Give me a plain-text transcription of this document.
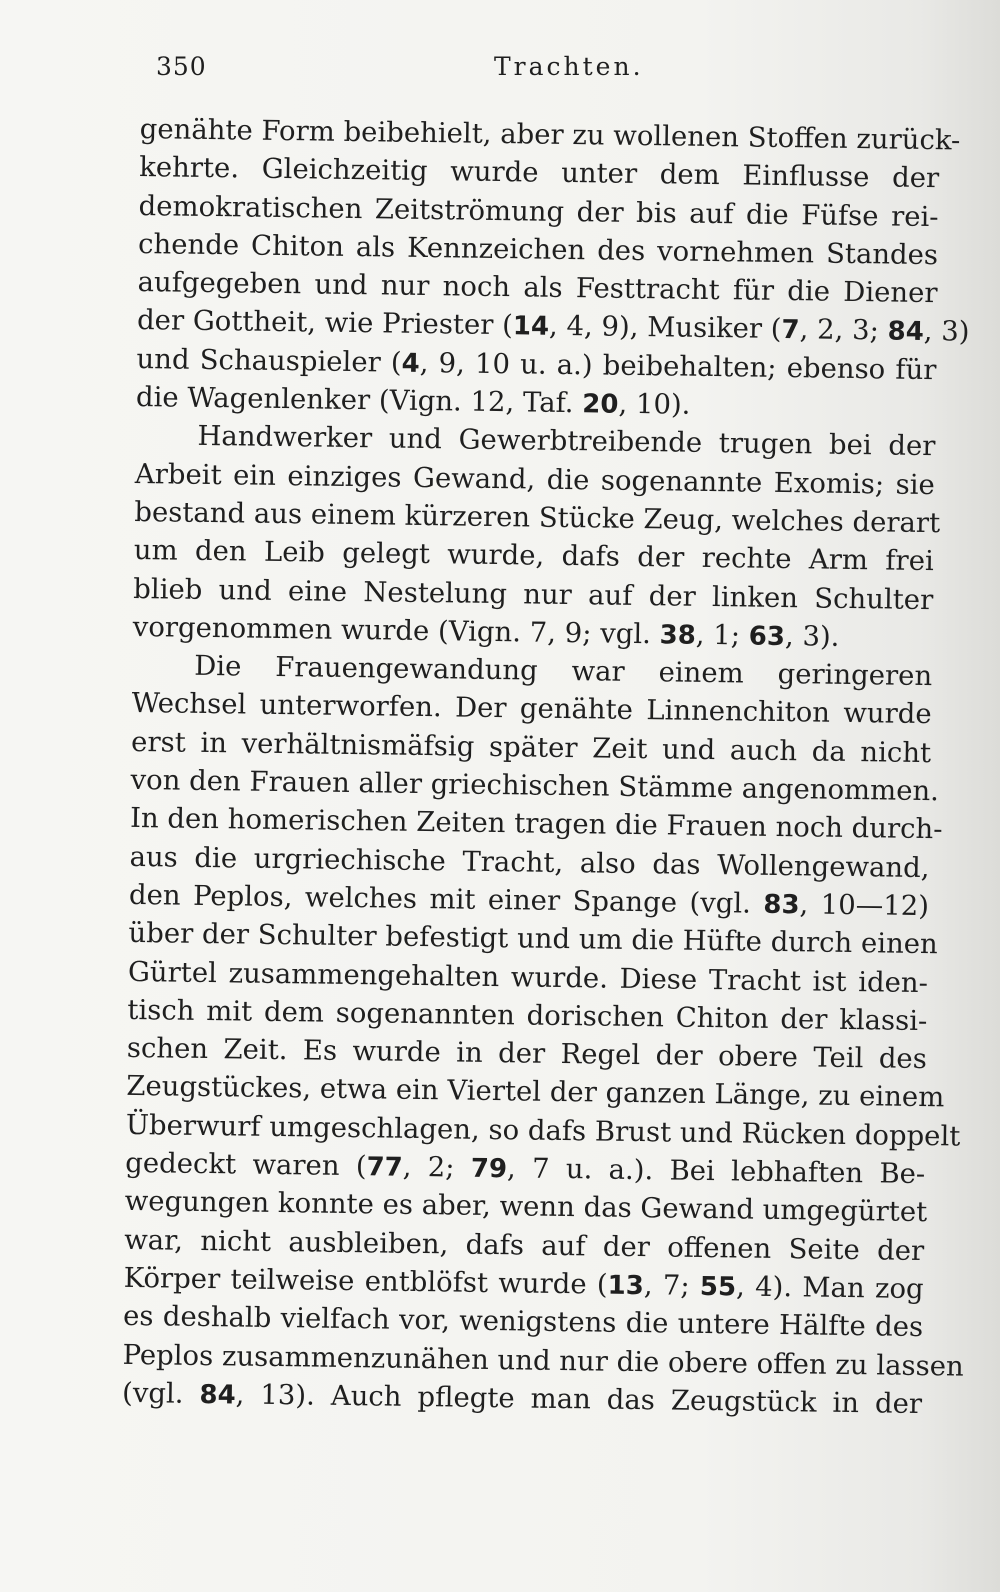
350	Trachten.
genähte Form beibehielt, aber zu wollenen Stoffen zurück-
kehrte. Gleichzeitig wurde unter dem Einflusse der
demokratischen Zeitströmung der bis auf die Füfse rei-
chende Chiton als Kennzeichen des vornehmen Standes
aufgegeben und nur noch als Festtracht für die Diener
der Gottheit, wie Priester (14, 4, 9), Musiker (7, 2, 3; 84, 3)
und Schauspieler (4, 9, 10 u. a.) beibehalten; ebenso für
die Wagenlenker (Vign. 12, Taf. 20, 10).
Handwerker und Gewerbtreibende trugen bei der
Arbeit ein einziges Gewand, die sogenannte Exomis; sie
bestand aus einem kürzeren Stücke Zeug, welches derart
um den Leib gelegt wurde, dafs der rechte Arm frei
blieb und eine Nestelung nur auf der linken Schulter
vorgenommen wurde (Vign. 7, 9; vgl. 38, 1; 63, 3).
Die Frauengewandung war einem geringeren
Wechsel unterworfen. Der genähte Linnenchiton wurde
erst in verhältnismäfsig später Zeit und auch da nicht
von den Frauen aller griechischen Stämme angenommen.
In den homerischen Zeiten tragen die Frauen noch durch-
aus die urgriechische Tracht, also das Wollengewand,
den Peplos, welches mit einer Spange (vgl. 83, 10—12)
über der Schulter befestigt und um die Hüfte durch einen
Gürtel zusammengehalten wurde. Diese Tracht ist iden-
tisch mit dem sogenannten dorischen Chiton der klassi-
schen Zeit. Es wurde in der Regel der obere Teil des
Zeugstückes, etwa ein Viertel der ganzen Länge, zu einem
Überwurf umgeschlagen, so dafs Brust und Rücken doppelt
gedeckt waren (77, 2; 79, 7 u. a.). Bei lebhaften Be-
wegungen konnte es aber, wenn das Gewand umgegürtet
war, nicht ausbleiben, dafs auf der offenen Seite der
Körper teilweise entblöfst wurde (13, 7; 55, 4). Man zog
es deshalb vielfach vor, wenigstens die untere Hälfte des
Peplos zusammenzunähen und nur die obere offen zu lassen
(vgl. 84, 13). Auch pflegte man das Zeugstück in der
